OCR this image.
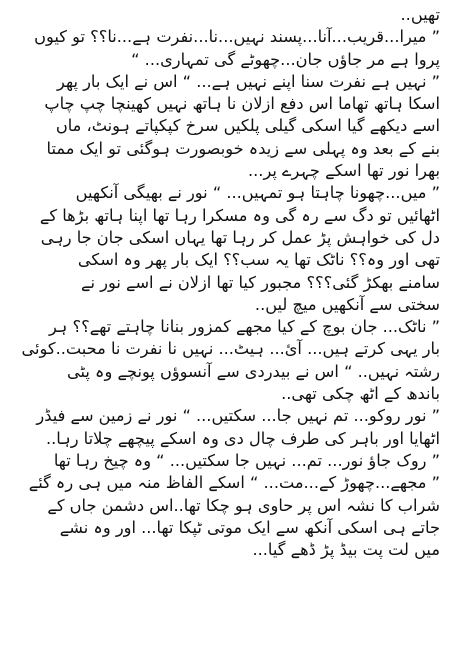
تھیں..
” میرا...قریب...آنا...پسند نہیں...نا...نفرت ہے...نا؟؟ تو کیوں
پروا ہے مر جاؤں جان...چھوٹے گی تمہاری... “
” نہیں ہے نفرت سنا اپنے نہیں ہے... “ اس نے ایک بار پھر
اسکا ہاتھ تھاما اس دفع ازلان نا ہاتھ نہیں کھینچا چپ چاپ
اسے دیکھے گیا اسکی گیلی پلکیں سرخ کپکپاتے ہونٹ، ماں
بنے کے بعد وہ پہلی سے زیدہ خوبصورت ہوگئی تو ایک ممتا
بھرا نور تھا اسکے چہرے پر...
” میں...چھونا چاہتا ہو تمہیں... “ نور نے بھیگی آنکھیں
اٹھائیں تو دگ سے رہ گی وہ مسکرا رہا تھا اپنا ہاتھ بڑھا کے
دل کی خواہش پڑ عمل کر رہا تھا یہاں اسکی جان جا رہی
تھی اور وہ؟؟ ناٹک تھا یہ سب؟؟ ایک بار پھر وہ اسکی
سامنے بھکڑ گئی؟؟؟ مجبور کیا تھا ازلان نے اسے نور نے
سختی سے آنکھیں میچ لیں..
” ناٹک... جان بوچ کے کیا مجھے کمزور بنانا چاہتے تھے؟؟ ہر
بار یہی کرتے ہیں... آئ... ہیٹ... نہیں نا نفرت نا محبت..کوئی
رشتہ نہیں.. “ اس نے بیدردی سے آنسوؤں پونچے وہ پٹی
باندھ کے اٹھ چکی تھی..
” نور روکو... تم نہیں جا... سکتیں... “ نور نے زمین سے فیڈر
اٹھایا اور باہر کی طرف چال دی وہ اسکے پیچھے چلاتا رہا..
” روک جاؤ نور... تم... نہیں جا سکتیں... “ وہ چیخ رہا تھا
” مجھے...چھوڑ کے...مت... “ اسکے الفاظ منہ میں ہی رہ گئے
شراب کا نشہ اس پر حاوی ہو چکا تھا..اس دشمن جاں کے
جاتے ہی اسکی آنکھ سے ایک موتی ٹپکا تھا... اور وہ نشے
میں لت پت بیڈ پڑ ڈھے گیا...
